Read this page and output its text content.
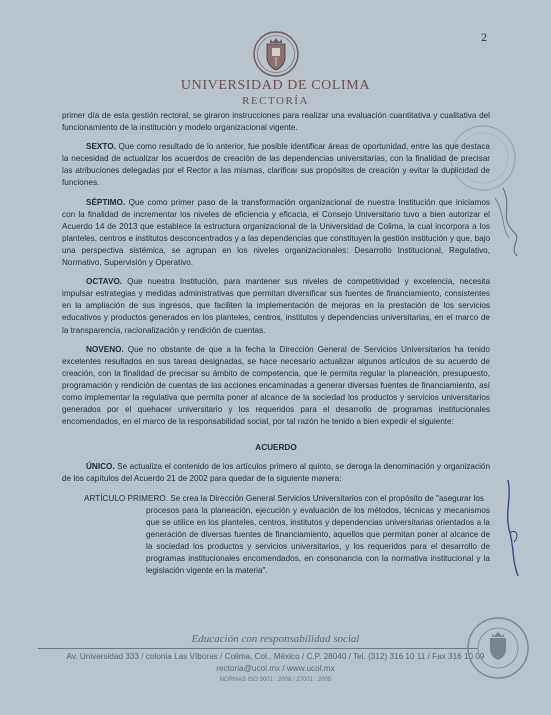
2
UNIVERSIDAD DE COLIMA
RECTORÍA

primer día de esta gestión rectoral, se giraron instrucciones para realizar una evaluación cuantitativa y cualitativa del funcionamiento de la institución y modelo organizacional vigente.

SEXTO. Que como resultado de lo anterior, fue posible identificar áreas de oportunidad, entre las que destaca la necesidad de actualizar los acuerdos de creación de las dependencias universitarias, con la finalidad de precisar las atribuciones delegadas por el Rector a las mismas, clarificar sus propósitos de creación y evitar la duplicidad de funciones.

SÉPTIMO. Que como primer paso de la transformación organizacional de nuestra Institución que iniciamos con la finalidad de incrementar los niveles de eficiencia y eficacia, el Consejo Universitario tuvo a bien autorizar el Acuerdo 14 de 2013 que establece la estructura organizacional de la Universidad de Colima, la cual incorpora a los planteles, centros e institutos desconcentrados y a las dependencias que constituyen la gestión institución y que, bajo una perspectiva sistémica, se agrupan en los niveles organizacionales: Desarrollo Institucional, Regulativo, Normativo, Supervisión y Operativo.

OCTAVO. Que nuestra Institución, para mantener sus niveles de competitividad y excelencia, necesita impulsar estrategias y medidas administrativas que permitan diversificar sus fuentes de financiamiento, consistentes en la ampliación de sus ingresos, que faciliten la implementación de mejoras en la prestación de los servicios educativos y productos generados en los planteles, centros, institutos y dependencias universitarias, en el marco de la transparencia, racionalización y rendición de cuentas.

NOVENO. Que no obstante de que a la fecha la Dirección General de Servicios Universitarios ha tenido excelentes resultados en sus tareas designadas, se hace necesario actualizar algunos artículos de su acuerdo de creación, con la finalidad de precisar su ámbito de competencia, que le permita regular la planeación, presupuesto, programación y rendición de cuentas de las acciones encaminadas a generar diversas fuentes de financiamiento, así como implementar la regulativa que permita poner al alcance de la sociedad los productos y servicios universitarios generados por el quehacer universitario y los requeridos para el desarrollo de programas institucionales encomendados, en el marco de la responsabilidad social, por tal razón he tenido a bien expedir el siguiente:

ACUERDO

ÚNICO. Se actualiza el contenido de los artículos primero al quinto, se deroga la denominación y organización de los capítulos del Acuerdo 21 de 2002 para quedar de la siguiente manera:

ARTÍCULO PRIMERO. Se crea la Dirección General Servicios Universitarios con el propósito de "asegurar los

procesos para la planeación, ejecución y evaluación de los métodos, técnicas y mecanismos que se utilice en los planteles, centros, institutos y dependencias universitarias orientados a la generación de diversas fuentes de financiamiento, aquellos que permitan poner al alcance de la sociedad los productos y servicios universitarios, y los requeridos para el desarrollo de programas institucionales encomendados, en consonancia con la normativa institucional y la legislación vigente en la materia".
Educación con responsabilidad social
Av. Universidad 333 / colonia Las Víboras / Colima, Col., México / C.P. 28040 / Tel. (312) 316 10 11 / Fax 316 10 09
rectoria@ucol.mx / www.ucol.mx
NORMAS ISO 9001 : 2008 / 27001 : 2005
